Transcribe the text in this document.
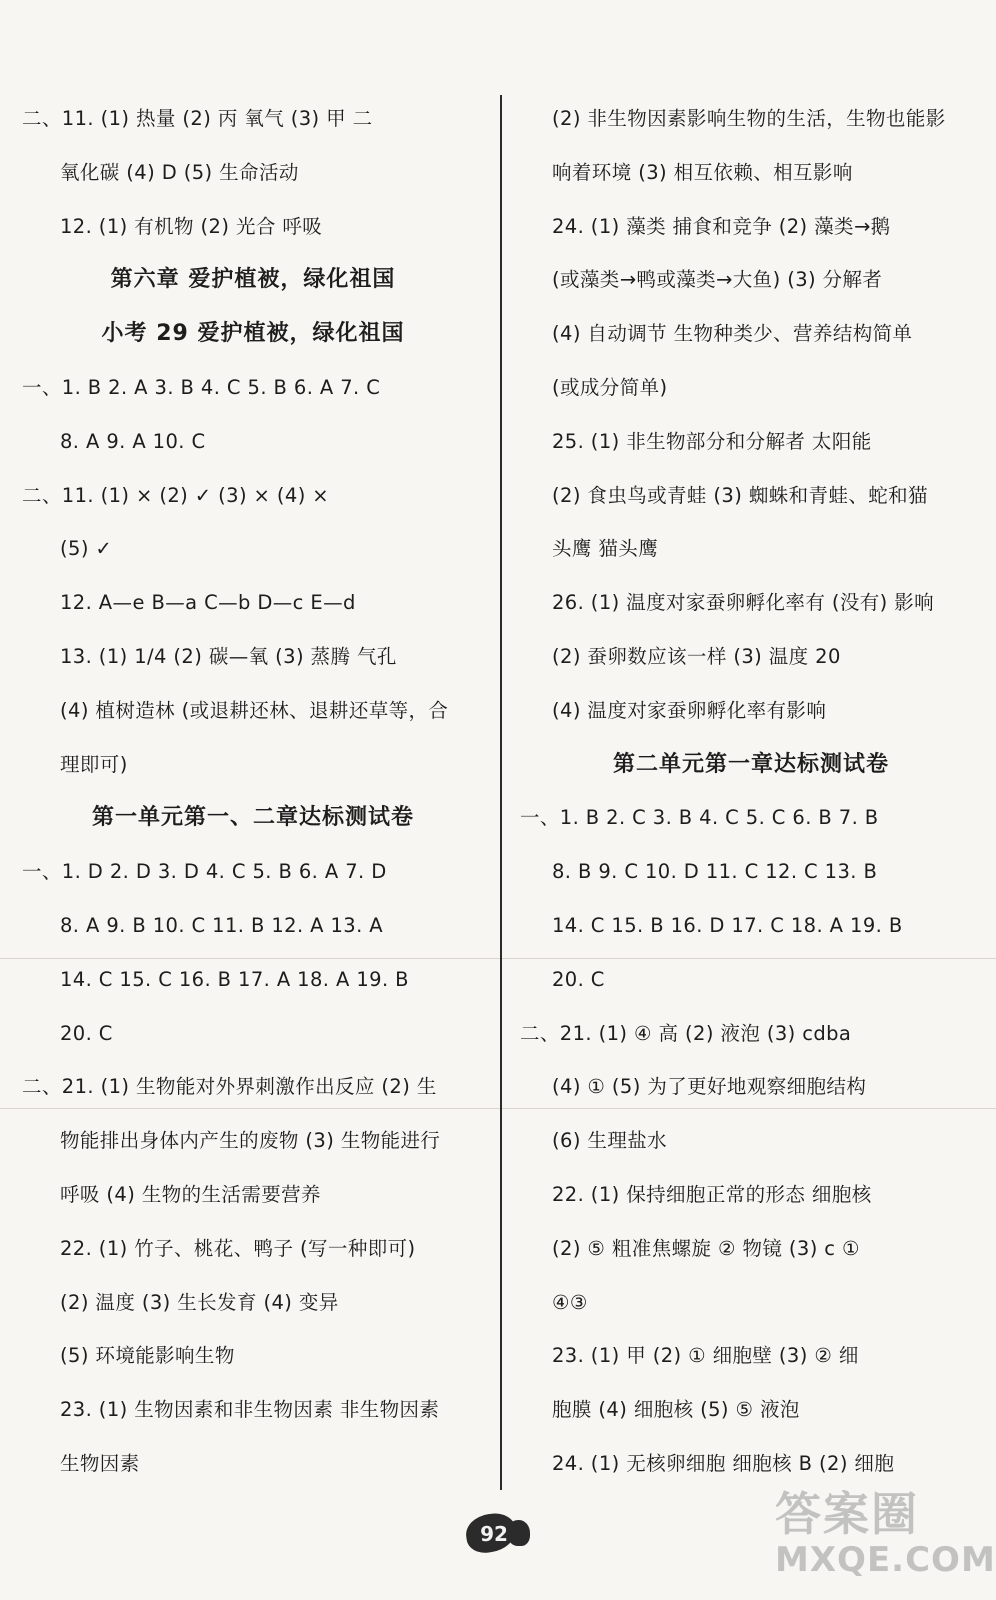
二、11. (1) 热量 (2) 丙 氧气 (3) 甲 二
氧化碳 (4) D (5) 生命活动
12. (1) 有机物 (2) 光合 呼吸
第六章 爱护植被，绿化祖国
小考 29 爱护植被，绿化祖国
一、1. B 2. A 3. B 4. C 5. B 6. A 7. C
8. A 9. A 10. C
二、11. (1) × (2) ✓ (3) × (4) ×
(5) ✓
12. A—e B—a C—b D—c E—d
13. (1) 1/4 (2) 碳—氧 (3) 蒸腾 气孔
(4) 植树造林 (或退耕还林、退耕还草等，合
理即可)
第一单元第一、二章达标测试卷
一、1. D 2. D 3. D 4. C 5. B 6. A 7. D
8. A 9. B 10. C 11. B 12. A 13. A
14. C 15. C 16. B 17. A 18. A 19. B
20. C
二、21. (1) 生物能对外界刺激作出反应 (2) 生
物能排出身体内产生的废物 (3) 生物能进行
呼吸 (4) 生物的生活需要营养
22. (1) 竹子、桃花、鸭子 (写一种即可)
(2) 温度 (3) 生长发育 (4) 变异
(5) 环境能影响生物
23. (1) 生物因素和非生物因素 非生物因素
生物因素
(2) 非生物因素影响生物的生活，生物也能影
响着环境 (3) 相互依赖、相互影响
24. (1) 藻类 捕食和竞争 (2) 藻类→鹅
(或藻类→鸭或藻类→大鱼) (3) 分解者
(4) 自动调节 生物种类少、营养结构简单
(或成分简单)
25. (1) 非生物部分和分解者 太阳能
(2) 食虫鸟或青蛙 (3) 蜘蛛和青蛙、蛇和猫
头鹰 猫头鹰
26. (1) 温度对家蚕卵孵化率有 (没有) 影响
(2) 蚕卵数应该一样 (3) 温度 20
(4) 温度对家蚕卵孵化率有影响
第二单元第一章达标测试卷
一、1. B 2. C 3. B 4. C 5. C 6. B 7. B
8. B 9. C 10. D 11. C 12. C 13. B
14. C 15. B 16. D 17. C 18. A 19. B
20. C
二、21. (1) ④ 高 (2) 液泡 (3) cdba
(4) ① (5) 为了更好地观察细胞结构
(6) 生理盐水
22. (1) 保持细胞正常的形态 细胞核
(2) ⑤ 粗准焦螺旋 ② 物镜 (3) c ①
④③
23. (1) 甲 (2) ① 细胞壁 (3) ② 细
胞膜 (4) 细胞核 (5) ⑤ 液泡
24. (1) 无核卵细胞 细胞核 B (2) 细胞
92	答案圈
MXQE.COM
